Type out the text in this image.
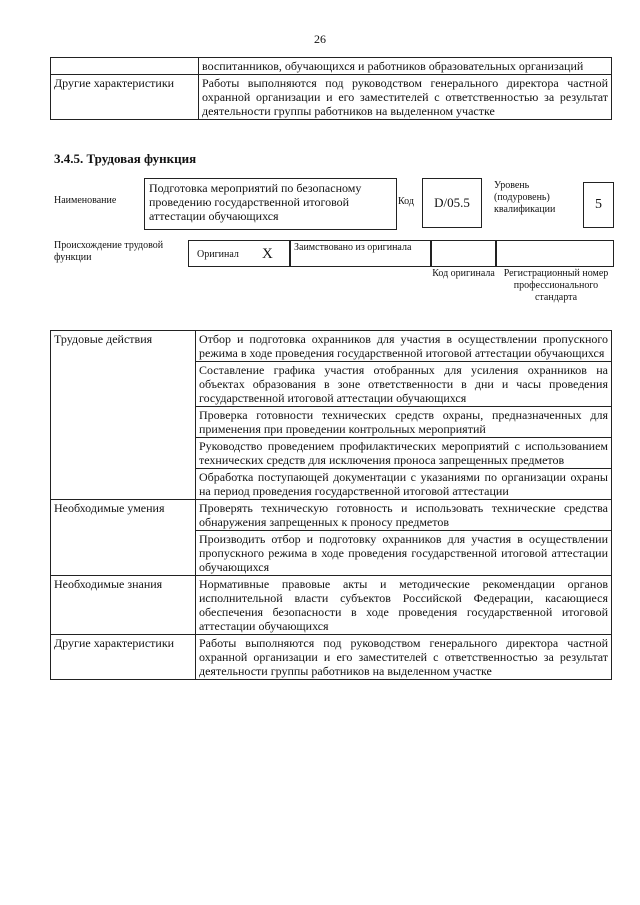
26
	воспитанников, обучающихся и работников образовательных организаций
Другие характеристики	Работы выполняются под руководством генерального директора частной охранной организации и его заместителей с ответственностью за результат деятельности группы работников на выделенном участке
3.4.5. Трудовая функция
Наименование
Подготовка мероприятий по безопасному проведению государственной итоговой аттестации обучающихся
Код	D/05.5
Уровень (подуровень) квалификации	5
Происхождение трудовой функции	Оригинал X Заимствовано из оригинала
Код оригинала Регистрационный номер профессионального стандарта
Трудовые действия	Отбор и подготовка охранников для участия в осуществлении пропускного режима в ходе проведения государственной итоговой аттестации обучающихся
	Составление графика участия отобранных для усиления охранников на объектах образования в зоне ответственности в дни и часы проведения государственной итоговой аттестации обучающихся
	Проверка готовности технических средств охраны, предназначенных для применения при проведении контрольных мероприятий
	Руководство проведением профилактических мероприятий с использованием технических средств для исключения проноса запрещенных предметов
	Обработка поступающей документации с указаниями по организации охраны на период проведения государственной итоговой аттестации
Необходимые умения	Проверять техническую готовность и использовать технические средства обнаружения запрещенных к проносу предметов
	Производить отбор и подготовку охранников для участия в осуществлении пропускного режима в ходе проведения государственной итоговой аттестации обучающихся
Необходимые знания	Нормативные правовые акты и методические рекомендации органов исполнительной власти субъектов Российской Федерации, касающиеся обеспечения безопасности в ходе проведения государственной итоговой аттестации обучающихся
Другие характеристики	Работы выполняются под руководством генерального директора частной охранной организации и его заместителей с ответственностью за результат деятельности группы работников на выделенном участке
